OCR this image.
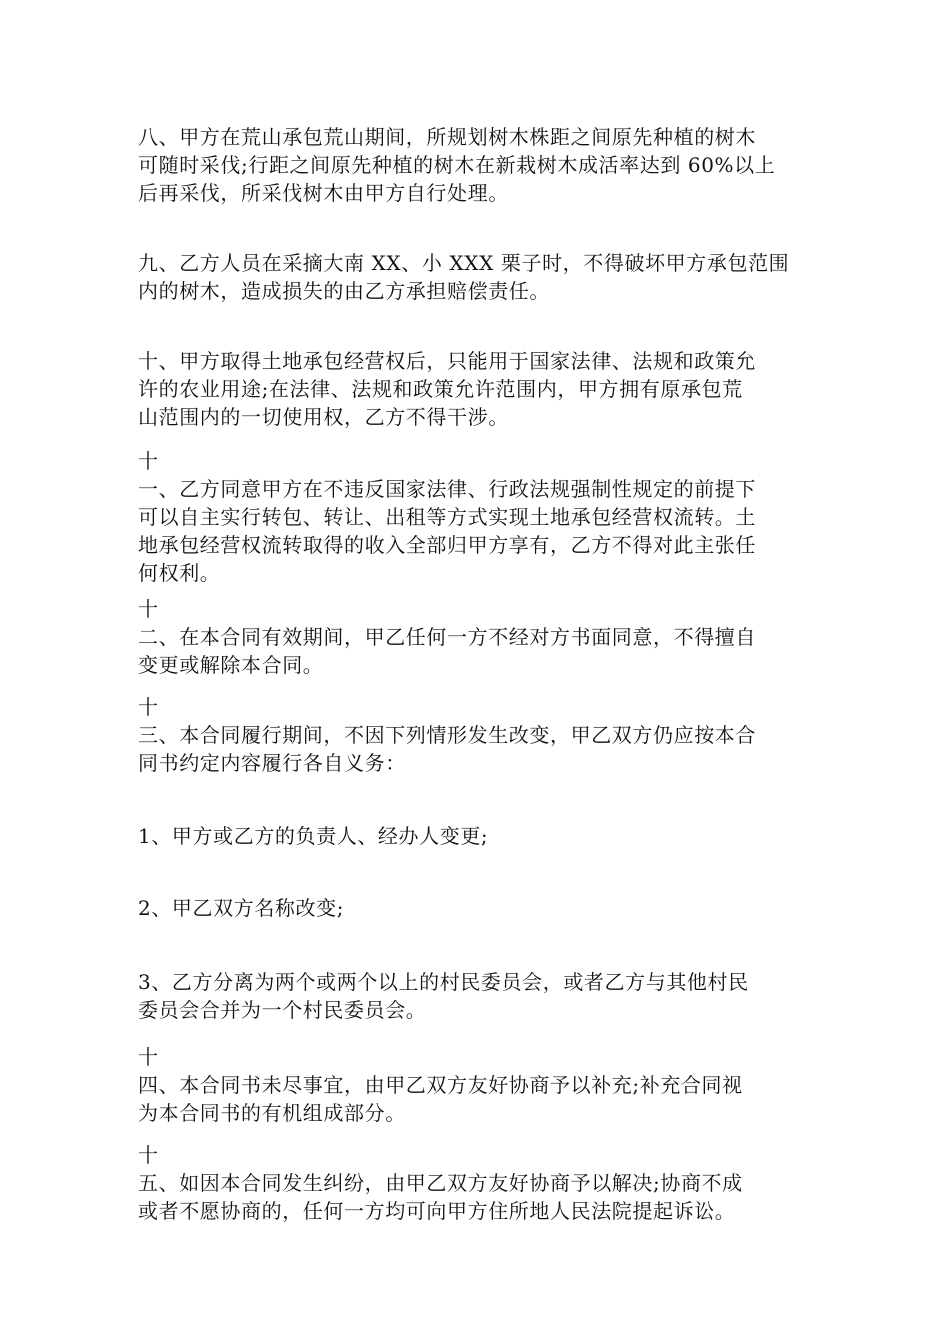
八、甲方在荒山承包荒山期间，所规划树木株距之间原先种植的树木
可随时采伐;行距之间原先种植的树木在新栽树木成活率达到 60%以上
后再采伐，所采伐树木由甲方自行处理。
九、乙方人员在采摘大南 XX、小 XXX 栗子时，不得破坏甲方承包范围
内的树木，造成损失的由乙方承担赔偿责任。
十、甲方取得土地承包经营权后，只能用于国家法律、法规和政策允
许的农业用途;在法律、法规和政策允许范围内，甲方拥有原承包荒
山范围内的一切使用权，乙方不得干涉。
十
一、乙方同意甲方在不违反国家法律、行政法规强制性规定的前提下
可以自主实行转包、转让、出租等方式实现土地承包经营权流转。土
地承包经营权流转取得的收入全部归甲方享有，乙方不得对此主张任
何权利。
十
二、在本合同有效期间，甲乙任何一方不经对方书面同意，不得擅自
变更或解除本合同。
十
三、本合同履行期间，不因下列情形发生改变，甲乙双方仍应按本合
同书约定内容履行各自义务：
1、甲方或乙方的负责人、经办人变更;
2、甲乙双方名称改变;
3、乙方分离为两个或两个以上的村民委员会，或者乙方与其他村民
委员会合并为一个村民委员会。
十
四、本合同书未尽事宜，由甲乙双方友好协商予以补充;补充合同视
为本合同书的有机组成部分。
十
五、如因本合同发生纠纷，由甲乙双方友好协商予以解决;协商不成
或者不愿协商的，任何一方均可向甲方住所地人民法院提起诉讼。
